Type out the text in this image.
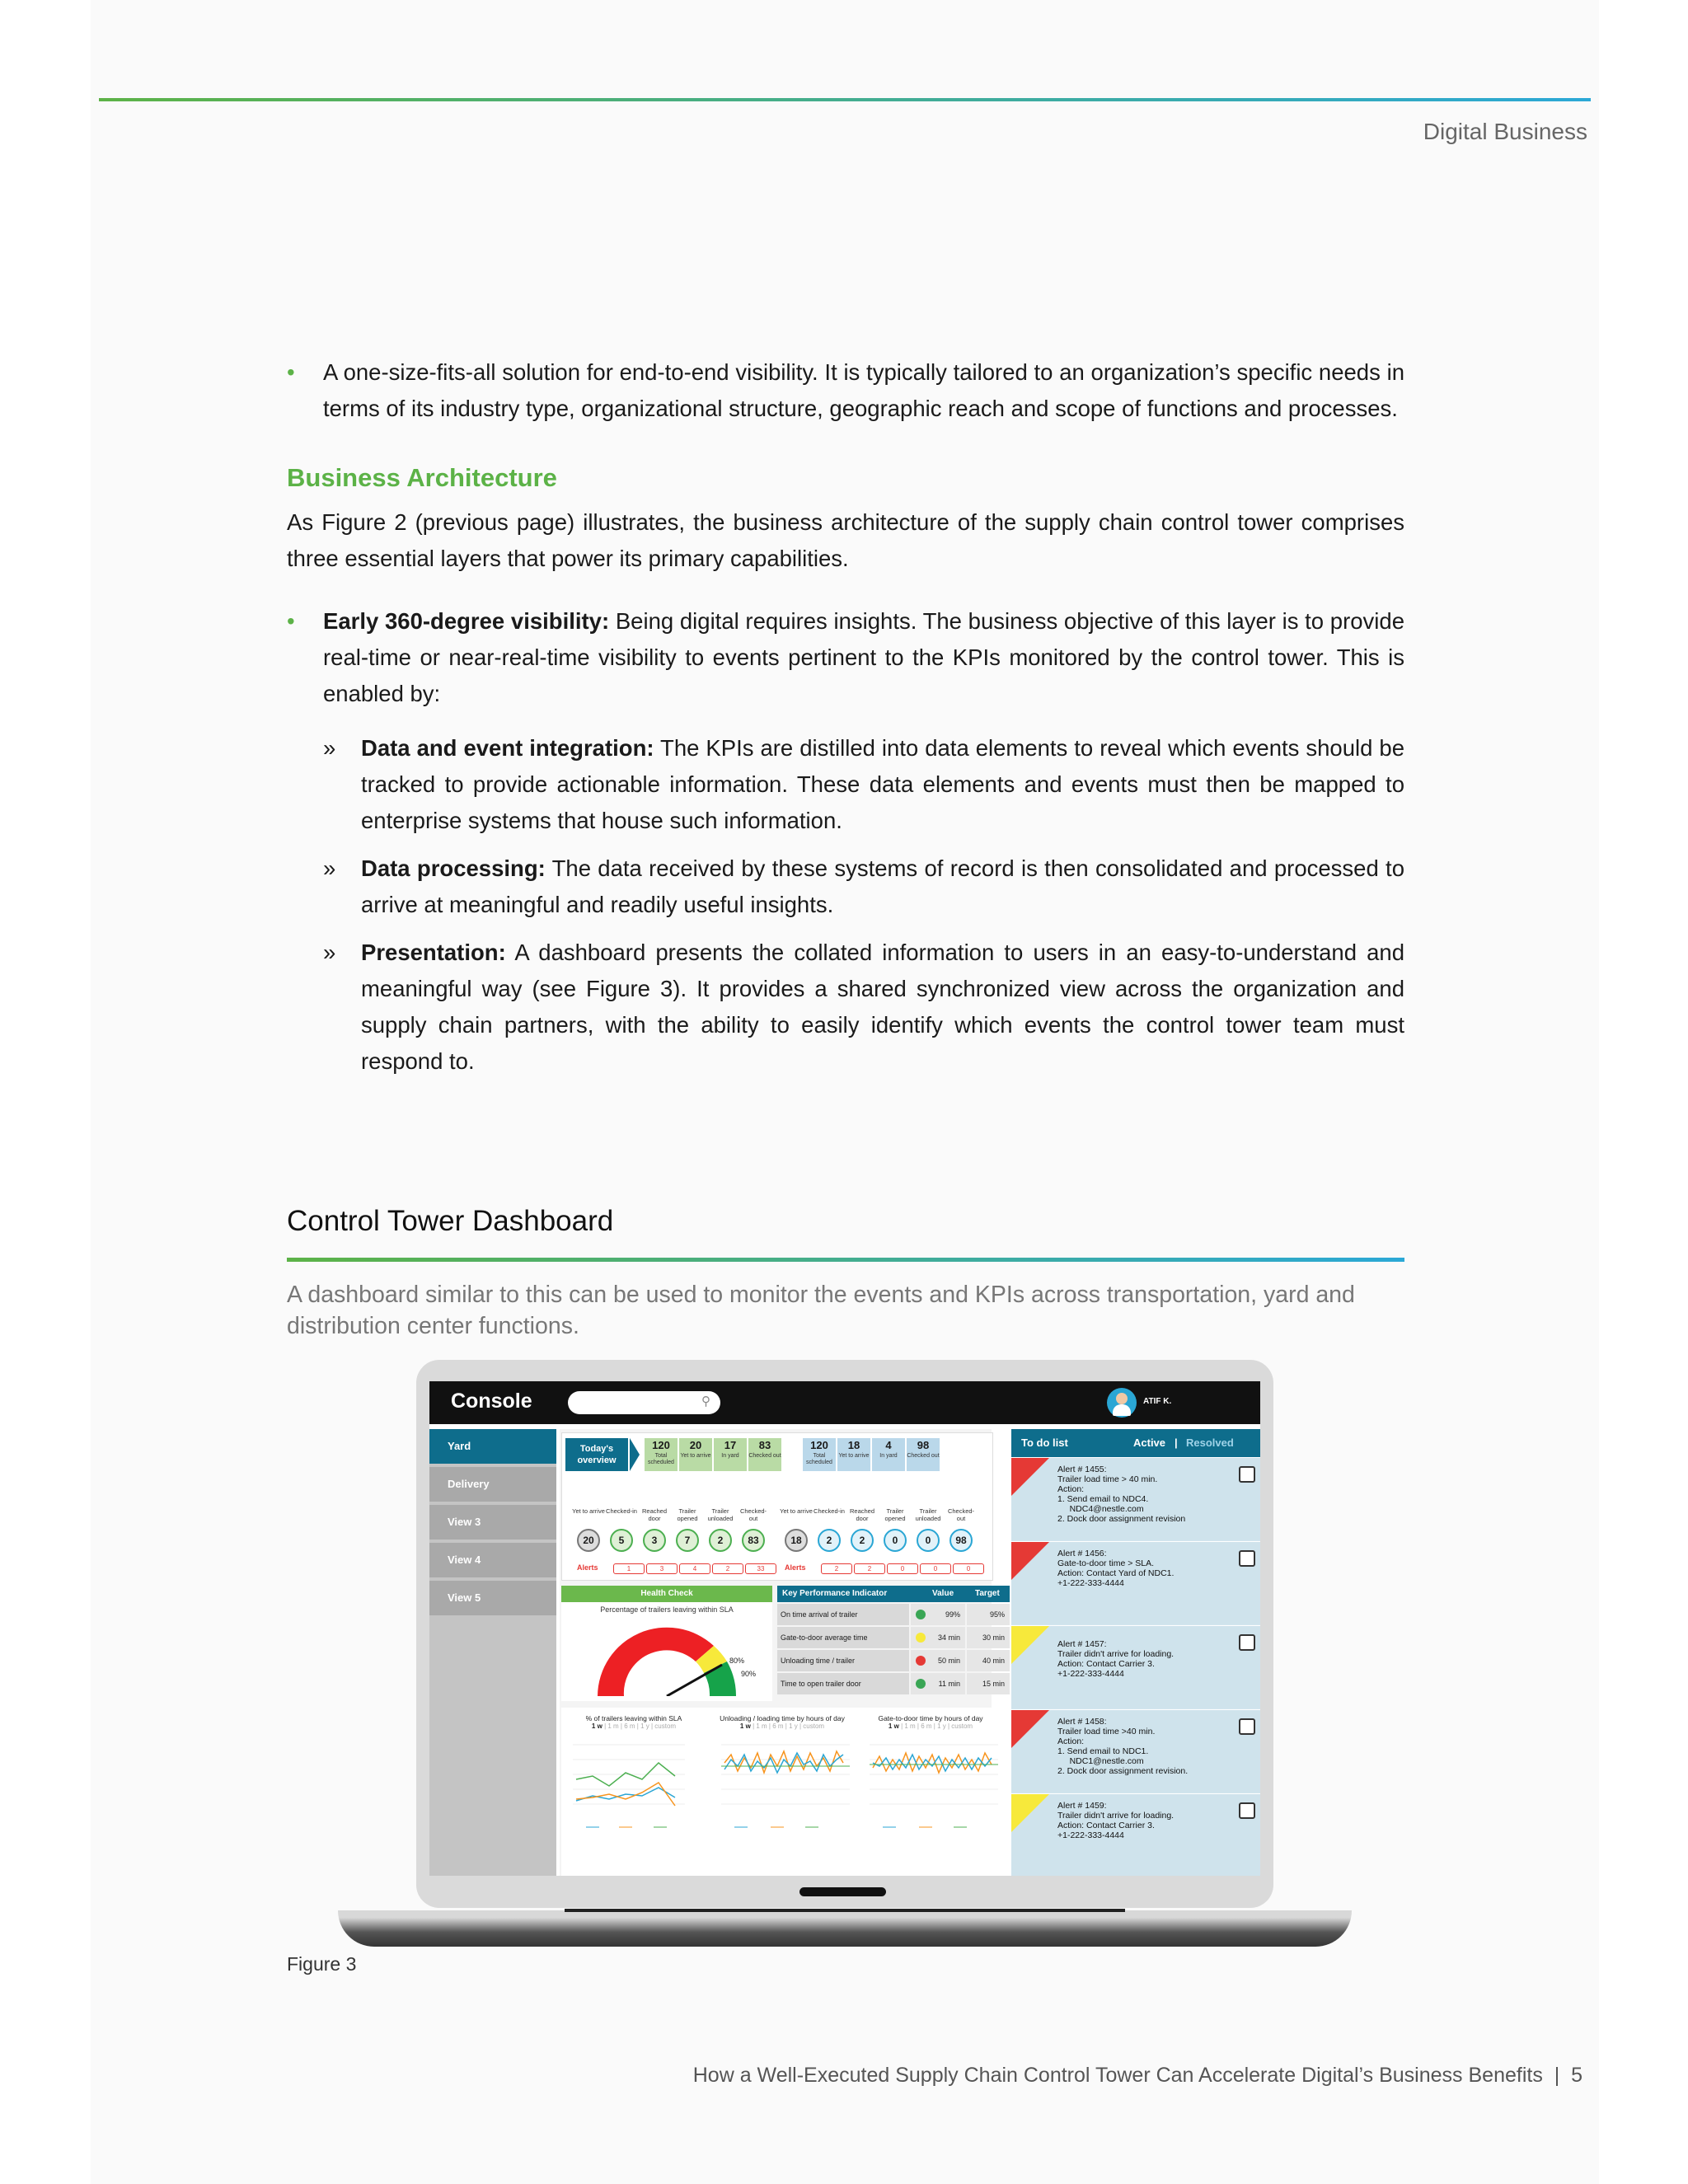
Digital Business

• A one-size-fits-all solution for end-to-end visibility. It is typically tailored to an organization’s specific needs in terms of its industry type, organizational structure, geographic reach and scope of functions and processes.

Business Architecture

As Figure 2 (previous page) illustrates, the business architecture of the supply chain control tower comprises three essential layers that power its primary capabilities.

• Early 360-degree visibility: Being digital requires insights. The business objective of this layer is to provide real-time or near-real-time visibility to events pertinent to the KPIs monitored by the control tower. This is enabled by:

» Data and event integration: The KPIs are distilled into data elements to reveal which events should be tracked to provide actionable information. These data elements and events must then be mapped to enterprise systems that house such information.

» Data processing: The data received by these systems of record is then consolidated and processed to arrive at meaningful and readily useful insights.

» Presentation: A dashboard presents the collated information to users in an easy-to-understand and meaningful way (see Figure 3). It provides a shared synchronized view across the organization and supply chain partners, with the ability to easily identify which events the control tower team must respond to.

Control Tower Dashboard
A dashboard similar to this can be used to monitor the events and KPIs across transportation, yard and distribution center functions.
Console	⚲	ATIF K.
Yard
Delivery
View 3
View 4
View 5
Today's overview
120
Total scheduled
20
Yet to arrive
17
In yard
83
Checked out
120
Total scheduled
18
Yet to arrive
4
In yard
98
Checked out
Yet to arrive Checked-in Reached door
Trailer opened
Trailer unloaded
Checked-out
Yet to arrive Checked-in Reached door
Trailer opened
Trailer unloaded
Checked-out
20	5	3	7	2	83	18	2	2	0	0	98
Alerts	1	3	4	2	33	Alerts	2	2	0	0	0
Health Check
Percentage of trailers leaving within SLA
80%
90%
Key Performance Indicator	Value	Target
On time arrival of trailer	99%	95%
Gate-to-door average time	34 min	30 min
Unloading time / trailer	50 min	40 min
Time to open trailer door	11 min	15 min
% of trailers leaving within SLA
1 w | 1 m | 6 m | 1 y | custom
Unloading / loading time by hours of day
1 w | 1 m | 6 m | 1 y | custom
Gate-to-door time by hours of day
1 w | 1 m | 6 m | 1 y | custom
To do list	Active | Resolved
Alert # 1455:
Trailer load time > 40 min.
Action:
1. Send email to NDC4.
NDC4@nestle.com
2. Dock door assignment revision
Alert # 1456:
Gate-to-door time > SLA.
Action: Contact Yard of NDC1.
+1-222-333-4444
Alert # 1457:
Trailer didn't arrive for loading.
Action: Contact Carrier 3.
+1-222-333-4444
Alert # 1458:
Trailer load time >40 min.
Action:
1. Send email to NDC1.
NDC1@nestle.com
2. Dock door assignment revision.
Alert # 1459:
Trailer didn't arrive for loading.
Action: Contact Carrier 3.
+1-222-333-4444
Figure 3
How a Well-Executed Supply Chain Control Tower Can Accelerate Digital’s Business Benefits  |  5
